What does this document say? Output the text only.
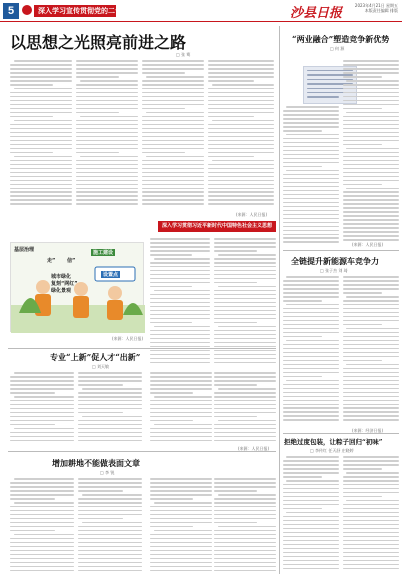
5	深入学习宣传贯彻党的二十大精神	沙县日报
2023年4月21日 星期五
本版责任编辑 排版
以思想之光照亮前进之路
□ 张 骞
(来源：人民日报)
“两业融合”塑造竞争新优势
□ 何 源
(来源：人民日报)
深入学习贯彻习近平新时代中国特色社会主义思想
基层治理
走” 信”
城市绿化
施工建设
复刻“网红”
绿化景观
设置点
(来源：人民日报)
全链提升新能源车竞争力
□ 张子杰 刘 琦
(来源：经济日报)
专业“上新”促人才“出新”
□ 刘天敏
(来源：人民日报)
增加耕地不能做表面文章
□ 李 锐
拒绝过度包装，让粽子回归“初味”
□ 李传红 任天舒 庄晓婷
